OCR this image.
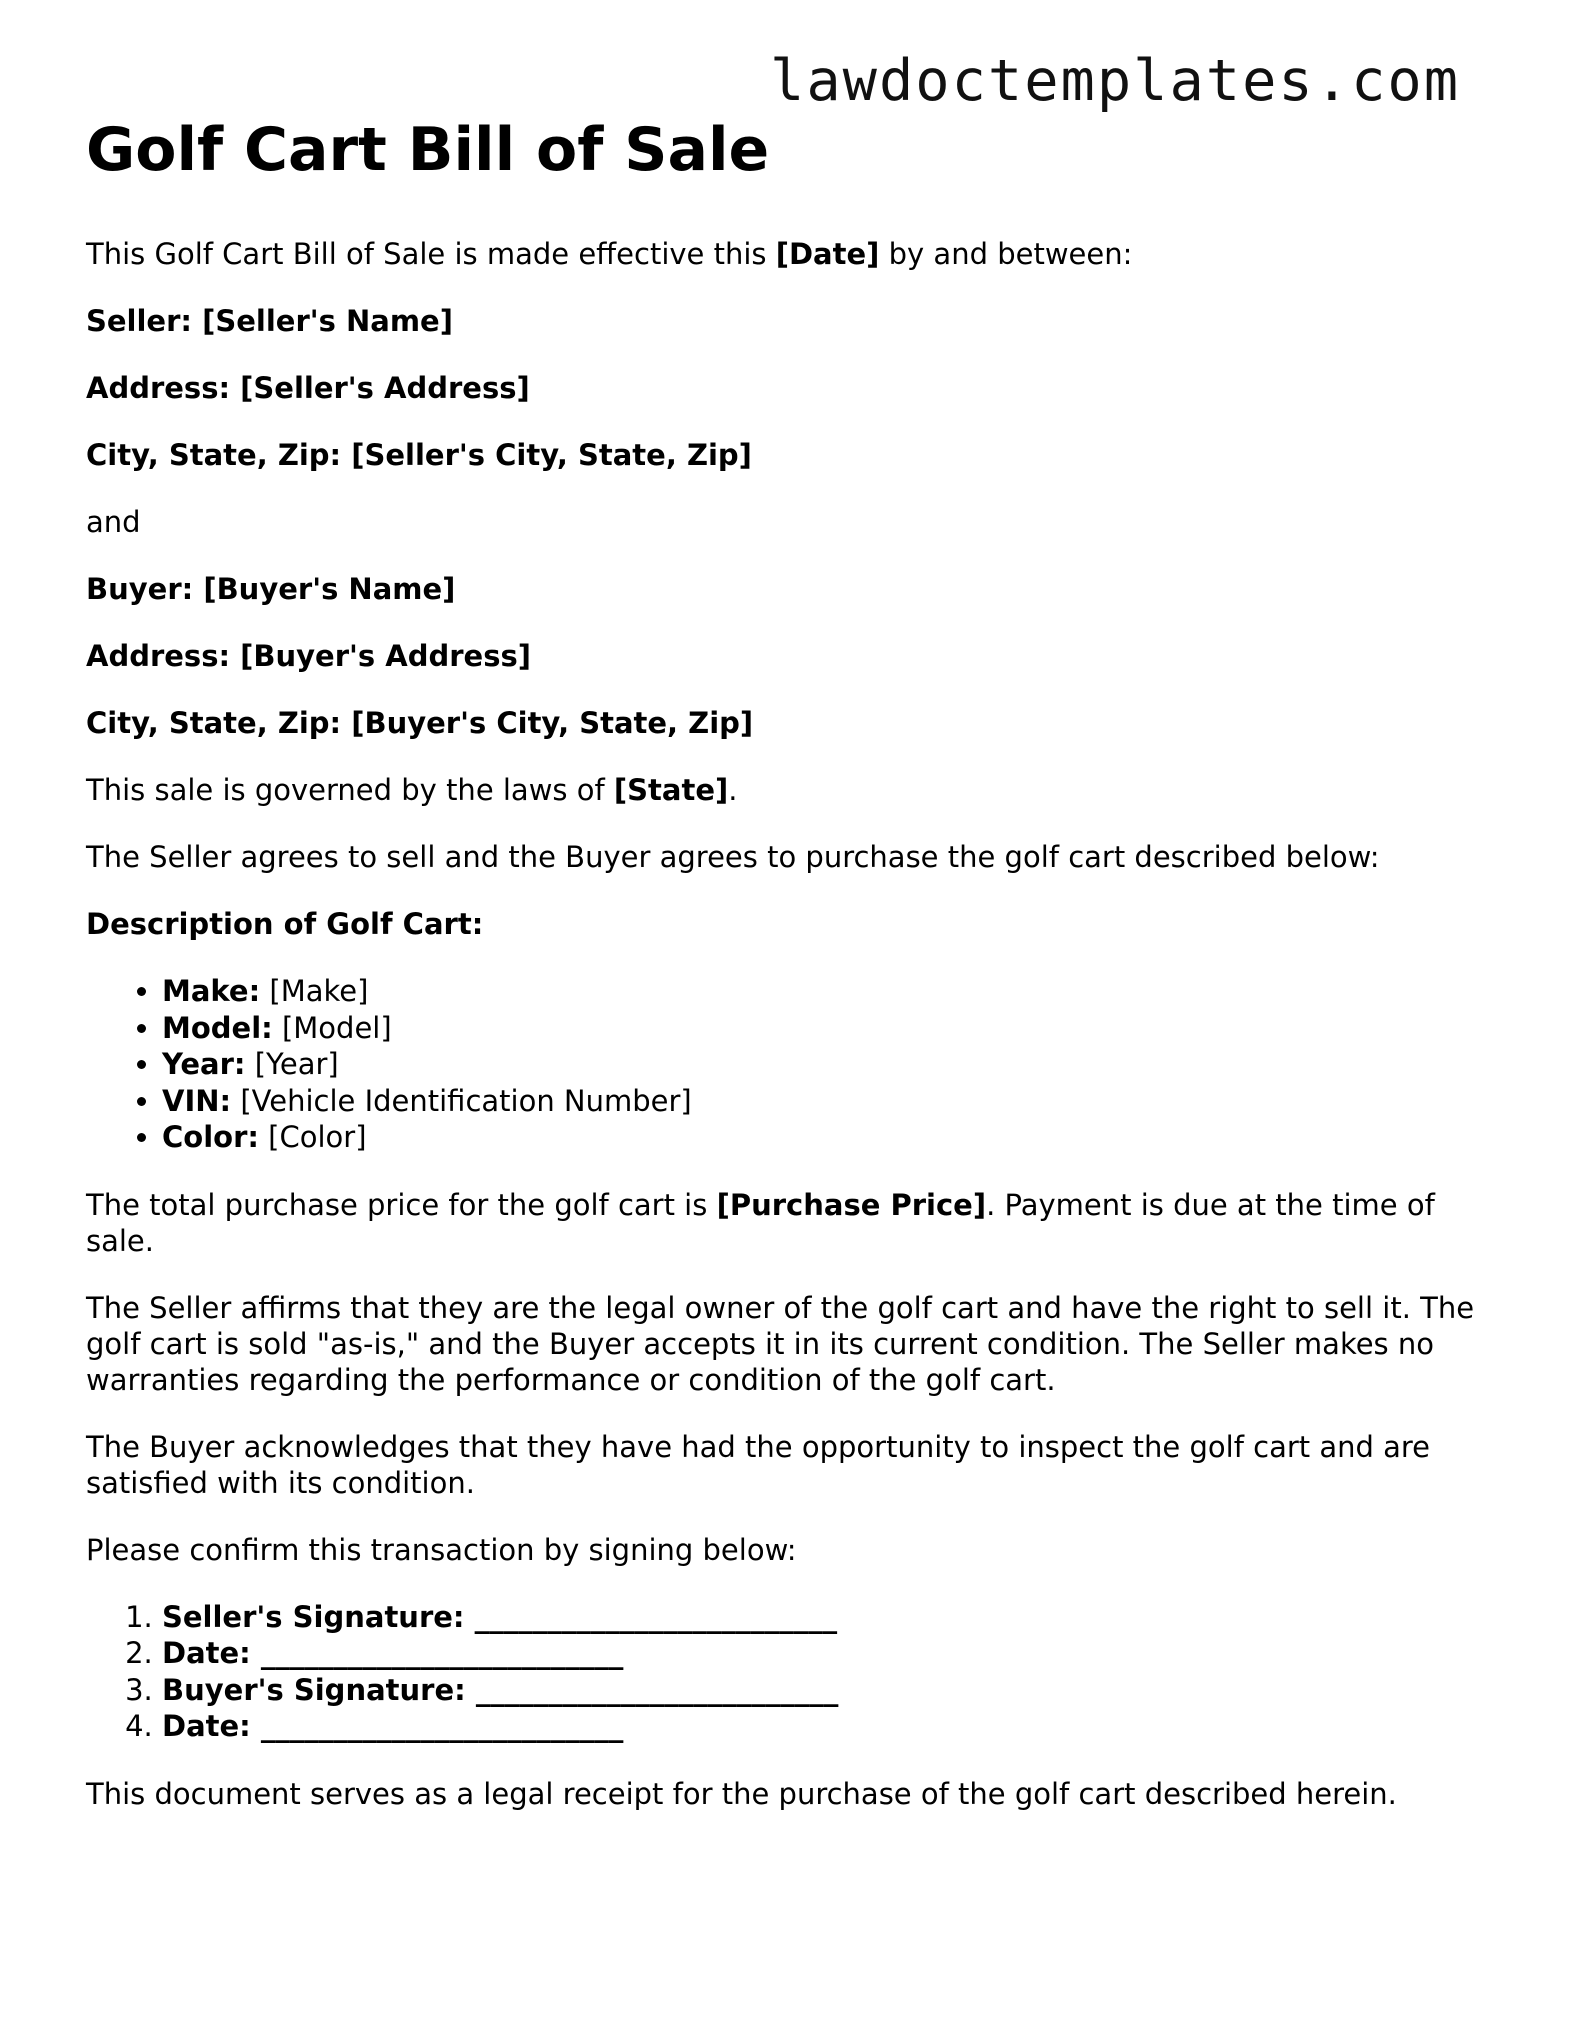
lawdoctemplates.com
Golf Cart Bill of Sale

This Golf Cart Bill of Sale is made effective this [Date] by and between:

Seller: [Seller's Name]

Address: [Seller's Address]

City, State, Zip: [Seller's City, State, Zip]

and

Buyer: [Buyer's Name]

Address: [Buyer's Address]

City, State, Zip: [Buyer's City, State, Zip]

This sale is governed by the laws of [State].

The Seller agrees to sell and the Buyer agrees to purchase the golf cart described below:

Description of Golf Cart:

• Make: [Make]
• Model: [Model]
• Year: [Year]
• VIN: [Vehicle Identification Number]
• Color: [Color]

The total purchase price for the golf cart is [Purchase Price]. Payment is due at the time of sale.

The Seller affirms that they are the legal owner of the golf cart and have the right to sell it. The golf cart is sold "as-is," and the Buyer accepts it in its current condition. The Seller makes no warranties regarding the performance or condition of the golf cart.

The Buyer acknowledges that they have had the opportunity to inspect the golf cart and are satisfied with its condition.

Please confirm this transaction by signing below:

1. Seller's Signature: _________________________
2. Date: _________________________
3. Buyer's Signature: _________________________
4. Date: _________________________

This document serves as a legal receipt for the purchase of the golf cart described herein.
